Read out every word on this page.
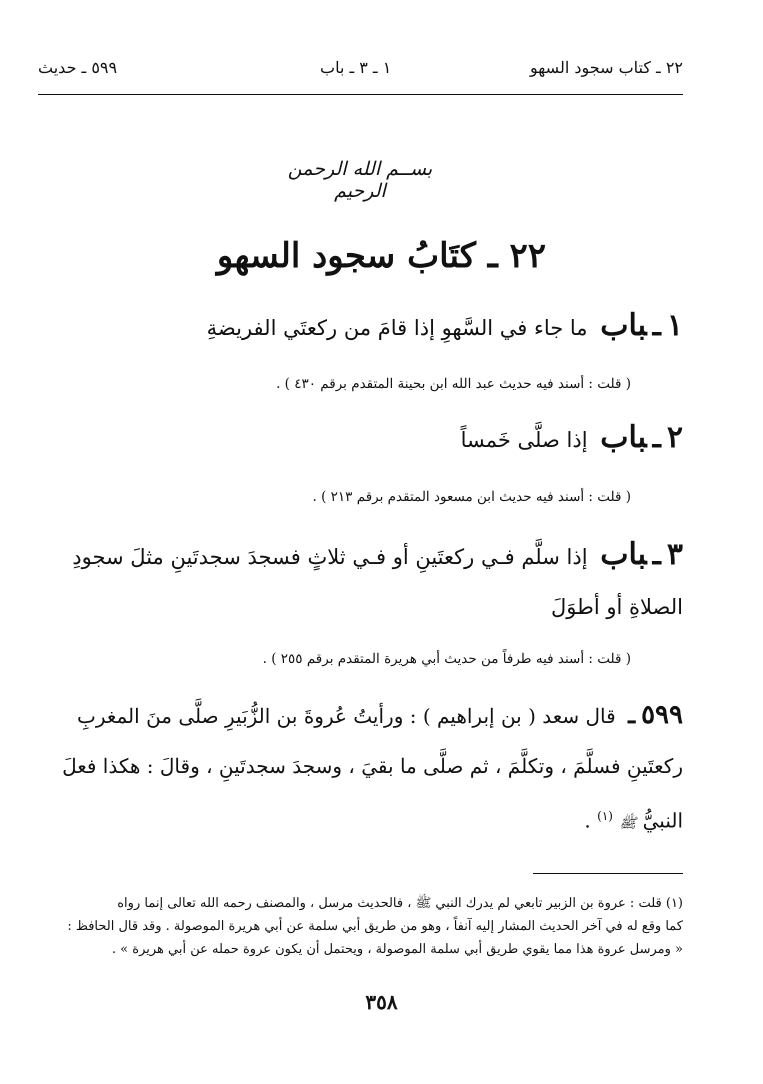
٢٢ ـ كتاب سجود السهو
١ ـ ٣ ـ باب
٥٩٩ ـ حديث
بســم الله الرحمن الرحيم
٢٢ ـ كتَابُ سجود السهو
١ـباب ما جاء في السَّهوِ إذا قامَ من ركعتَي الفريضةِ
( قلت : أسند فيه حديث عبد الله ابن بحينة المتقدم برقم ٤٣٠ ) .
٢ـباب إذا صلَّى خَمساً
( قلت : أسند فيه حديث ابن مسعود المتقدم برقم ٢١٣ ) .
٣ـباب إذا سلَّم فـي ركعتَينِ أو فـي ثلاثٍ فسجدَ سجدتَينِ مثلَ سجودِ الصلاةِ أو أطوَلَ
( قلت : أسند فيه طرفاً من حديث أبي هريرة المتقدم برقم ٢٥٥ ) .
٥٩٩ـ قال سعد ( بن إبراهيم ) : ورأيتُ عُروةَ بن الزُّبَيرِ صلَّى منَ المغربِ ركعتَينِ فسلَّمَ ، وتكلَّمَ ، ثم صلَّى ما بقيَ ، وسجدَ سجدتَينِ ، وقالَ : هكذا فعلَ النبيُّ ﷺ $^{(١)}$ .
(١) قلت : عروة بن الزبير تابعي لم يدرك النبي ﷺ ، فالحديث مرسل ، والمصنف رحمه الله تعالى إنما رواه
كما وقع له في آخر الحديث المشار إليه آنفاً ، وهو من طريق أبي سلمة عن أبي هريرة الموصولة . وقد قال الحافظ :
« ومرسل عروة هذا مما يقوي طريق أبي سلمة الموصولة ، ويحتمل أن يكون عروة حمله عن أبي هريرة » .
٣٥٨
